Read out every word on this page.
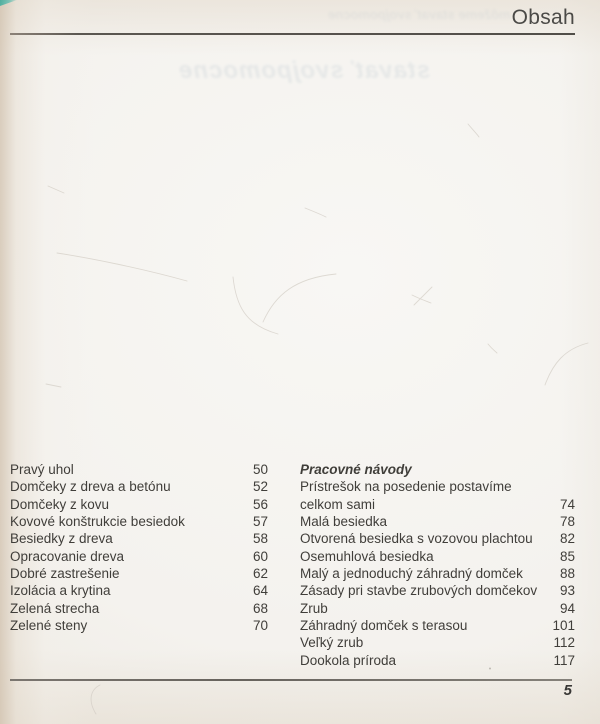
môžeme stavať svojpomocne
stavať svojpomocne
Obsah
Pravý uhol	50
Domčeky z dreva a betónu	52
Domčeky z kovu	56
Kovové konštrukcie besiedok	57
Besiedky z dreva	58
Opracovanie dreva	60
Dobré zastrešenie	62
Izolácia a krytina	64
Zelená strecha	68
Zelené steny	70
Pracovné návody
Prístrešok na posedenie postavíme
celkom sami	74
Malá besiedka	78
Otvorená besiedka s vozovou plachtou	82
Osemuhlová besiedka	85
Malý a jednoduchý záhradný domček	88
Zásady pri stavbe zrubových domčekov	93
Zrub	94
Záhradný domček s terasou	101
Veľký zrub	112
Dookola príroda	117
5
